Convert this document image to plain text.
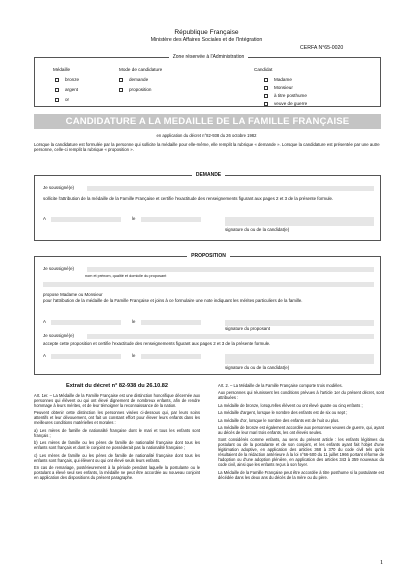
République Française
Ministère des Affaires Sociales et de l'Intégration
CERFA N°65-0020
Zone réservée à l'Administration
Médaille	Mode de candidature	Candidat
bronze
argent
or
demande
proposition
Madame
Monsieur
à titre posthume
veuve de guerre
CANDIDATURE A LA MEDAILLE DE LA FAMILLE FRANÇAISE
en application du décret n°82-938 du 26 octobre 1982
Lorsque la candidature est formulée par la personne qui sollicite la médaille pour elle-même, elle remplit la rubrique « demande ». Lorsque la candidature est présentée par une autre personne, celle-ci remplit la rubrique « proposition ».
DEMANDE
Je soussigné(e)
sollicite l'attribution de la médaille de la Famille Française et certifie l'exactitude des renseignements figurant aux pages 2 et 3 de la présente formule.
A	le
signature du ou de la candidat(e)
PROPOSITION
Je soussigné(e)
nom et prénom, qualité et domicile du proposant
propose Madame ou Monsieur
pour l'attribution de la médaille de la Famille Française et joins à ce formulaire une note indiquant les mérites particuliers de la famille.
A	le
signature du proposant
Je soussigné(e)
accepte cette proposition et certifie l'exactitude des renseignements figurant aux pages 2 et 3 de la présente formule.
A	le
signature du ou de la candidat(e)
Extrait du décret n° 82-938 du 26.10.82

Art. 1er. – La Médaille de la Famille Française est une distinction honorifique décernée aux personnes qui élèvent ou qui ont élevé dignement de nombreux enfants, afin de rendre hommage à leurs mérites, et de leur témoigner la reconnaissance de la nation.

Peuvent obtenir cette distinction les personnes visées ci-dessous qui, par leurs soins attentifs et leur dévouement, ont fait un constant effort pour élever leurs enfants dans les meilleures conditions matérielles et morales :

a) Les mères de famille de nationalité française dont le mari et tous les enfants sont français ;

b) Les mères de famille ou les pères de famille de nationalité française dont tous les enfants sont français et dont le conjoint ne posséderait pas la nationalité française ;

c) Les mères de famille ou les pères de famille de nationalité française dont tous les enfants sont français, qui élèvent ou qui ont élevé seuls leurs enfants.

En cas de remariage, postérieurement à la période pendant laquelle la postulante ou le postulant a élevé seul ses enfants, la médaille ne peut être accordée au nouveau conjoint en application des dispositions du présent paragraphe.

Art. 2. – La Médaille de la Famille Française comporte trois modèles.

Aux personnes qui réunissent les conditions prévues à l'article 1er du présent décret, sont attribuées :

La médaille de bronze, lorsqu'elles élèvent ou ont élevé quatre ou cinq enfants ;

La médaille d'argent, lorsque le nombre des enfants est de six ou sept ;

La médaille d'or, lorsque le nombre des enfants est de huit ou plus.

La médaille de bronze est également accordée aux personnes veuves de guerre, qui, ayant au décès de leur mari trois enfants, les ont élevés seules.

Sont considérés comme enfants, au sens du présent article : les enfants légitimes du postulant ou de la postulante et de son conjoint, et les enfants ayant fait l'objet d'une légitimation adoptive, en application des articles 368 à 370 du code civil tels qu'ils résultaient de la rédaction antérieure à la loi n°66-500 du 11 juillet 1966 portant réforme de l'adoption ou d'une adoption plénière, en application des articles 343 à 359 nouveaux du code civil, ainsi que les enfants reçus à son foyer.

La Médaille de la Famille Française peut être accordée à titre posthume si la postulante est décédée dans les deux ans du décès de la mère ou du père.

1
